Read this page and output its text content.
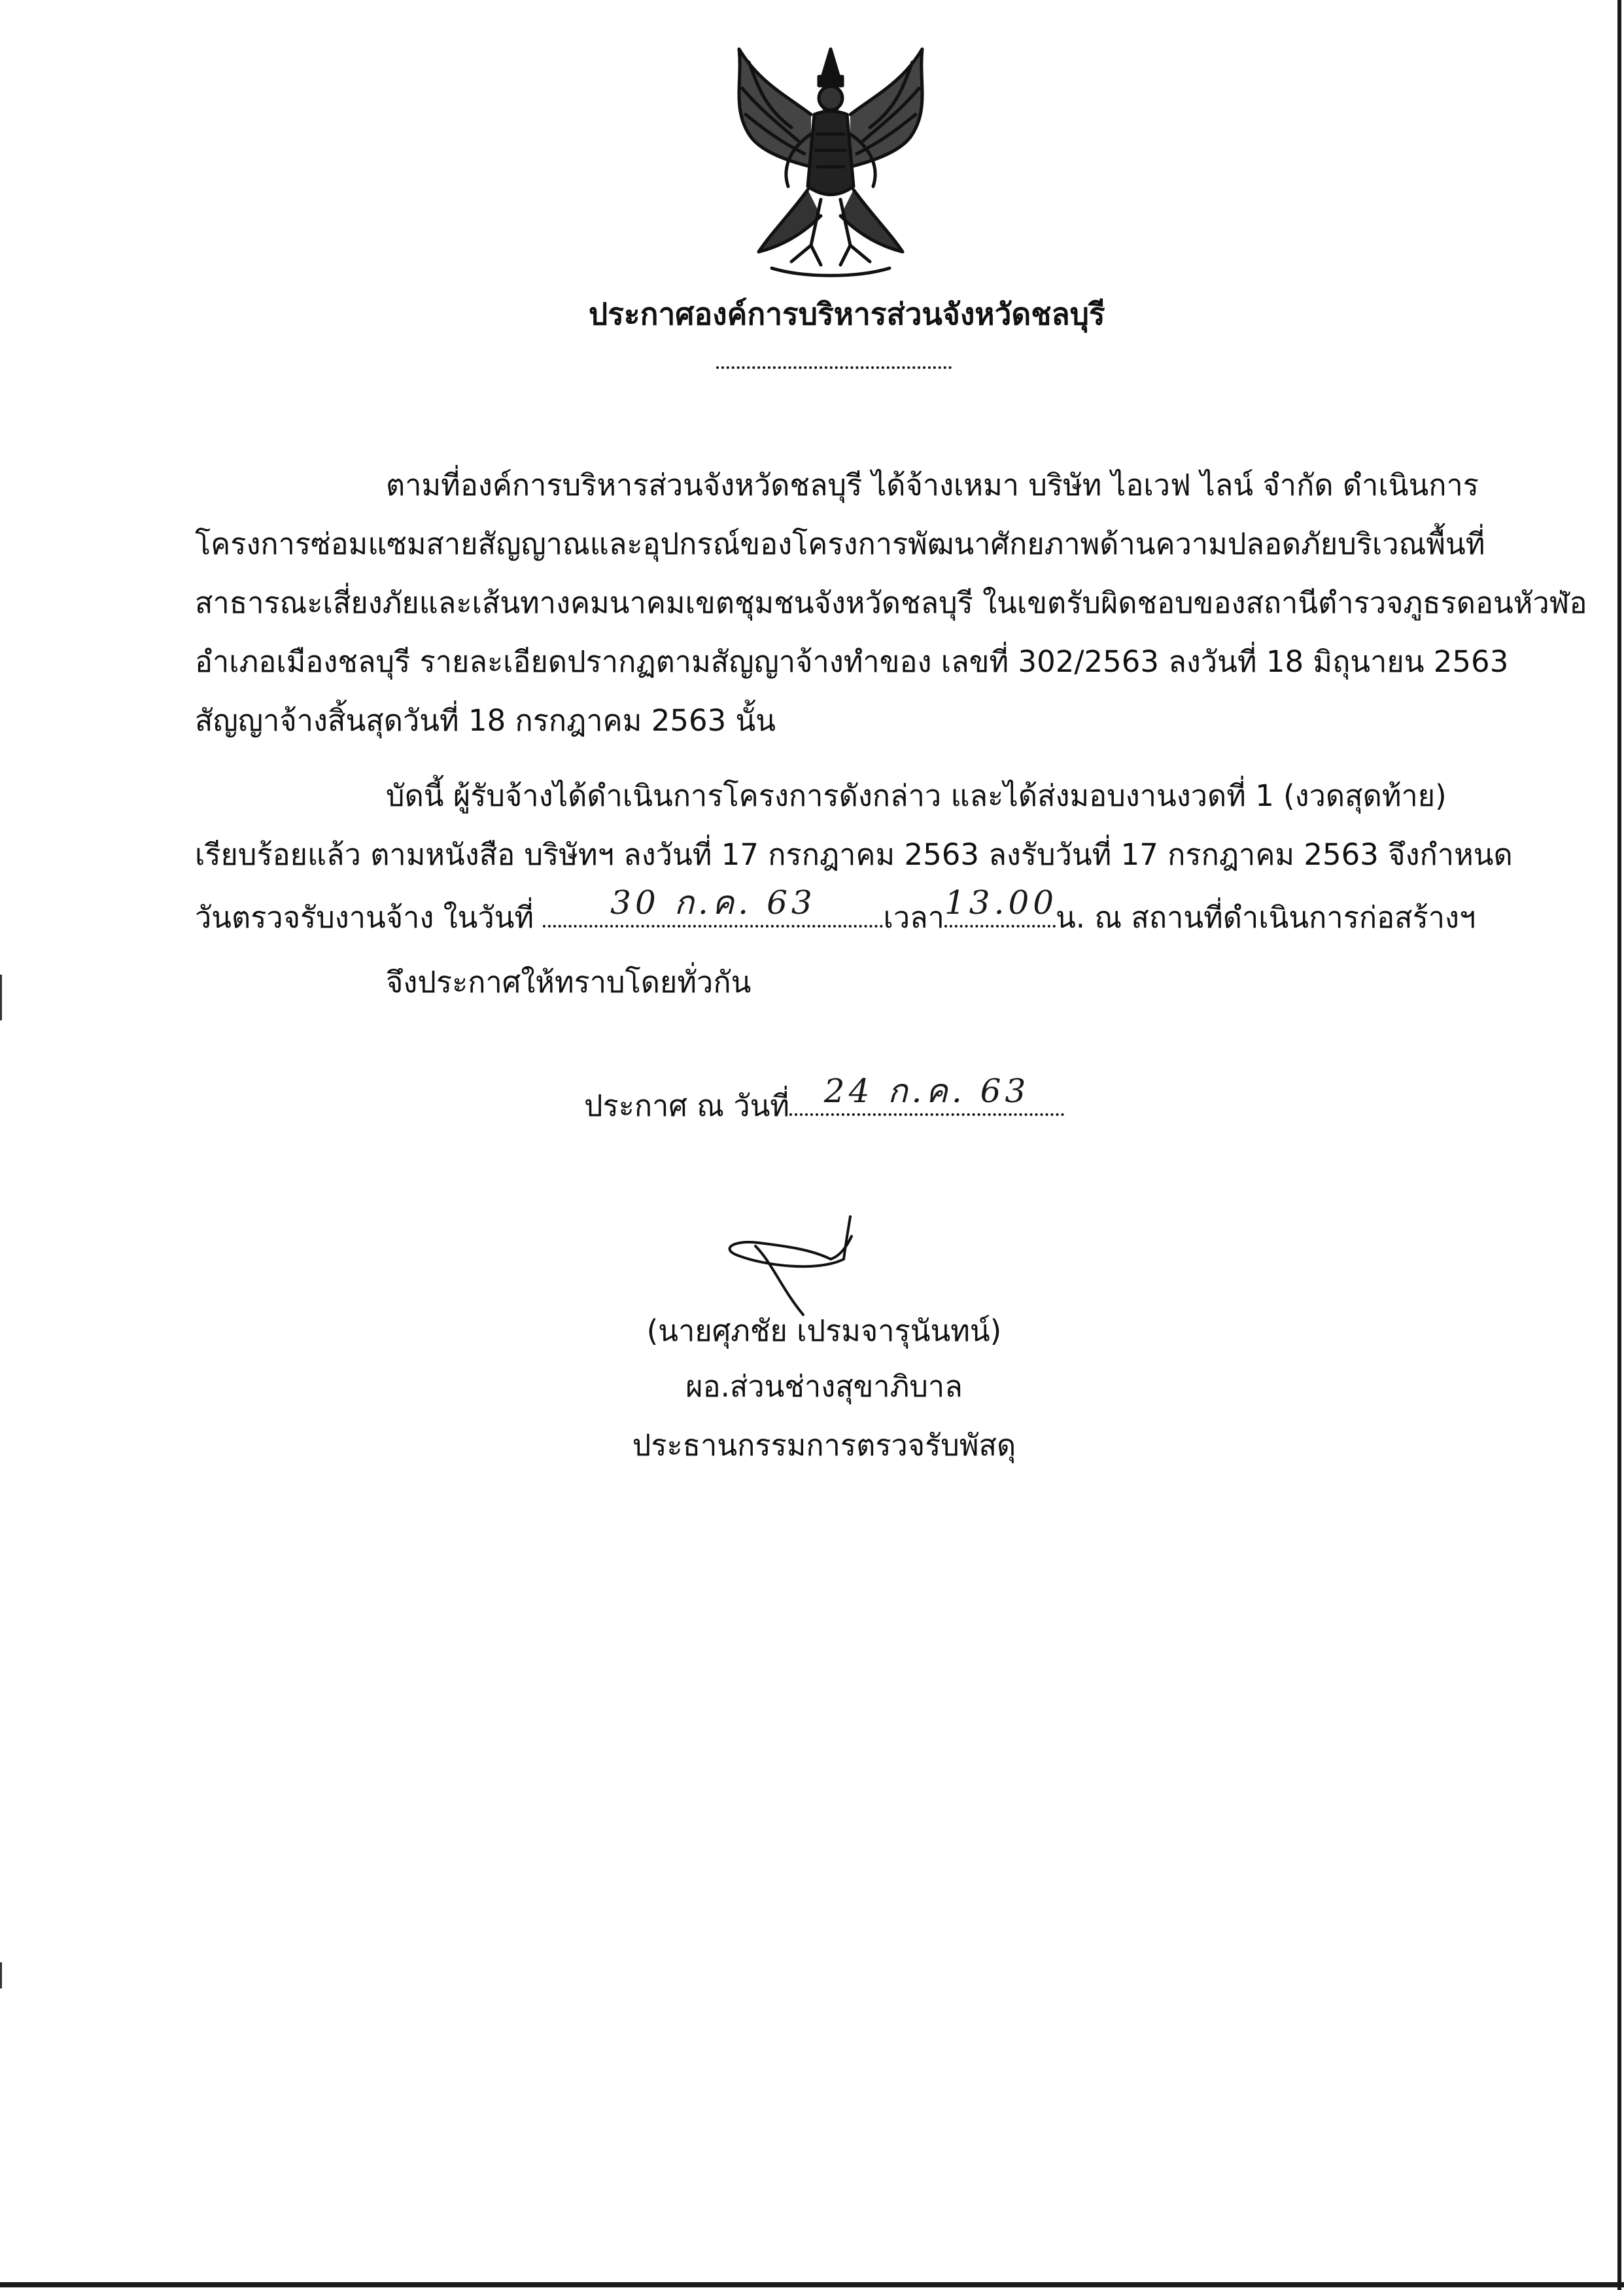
ประกาศองค์การบริหารส่วนจังหวัดชลบุรี
ตามที่องค์การบริหารส่วนจังหวัดชลบุรี ได้จ้างเหมา บริษัท ไอเวฟ ไลน์ จำกัด ดำเนินการ
โครงการซ่อมแซมสายสัญญาณและอุปกรณ์ของโครงการพัฒนาศักยภาพด้านความปลอดภัยบริเวณพื้นที่
สาธารณะเสี่ยงภัยและเส้นทางคมนาคมเขตชุมชนจังหวัดชลบุรี ในเขตรับผิดชอบของสถานีตำรวจภูธรดอนหัวฬ่อ
อำเภอเมืองชลบุรี รายละเอียดปรากฏตามสัญญาจ้างทำของ เลขที่ 302/2563 ลงวันที่ 18 มิถุนายน 2563
สัญญาจ้างสิ้นสุดวันที่ 18 กรกฎาคม 2563 นั้น
บัดนี้ ผู้รับจ้างได้ดำเนินการโครงการดังกล่าว และได้ส่งมอบงานงวดที่ 1 (งวดสุดท้าย)
เรียบร้อยแล้ว ตามหนังสือ บริษัทฯ ลงวันที่ 17 กรกฎาคม 2563 ลงรับวันที่ 17 กรกฎาคม 2563 จึงกำหนด
วันตรวจรับงานจ้าง ในวันที่	30 ก.ค. 63	เวลา 13.00
น. ณ สถานที่ดำเนินการก่อสร้างฯ
จึงประกาศให้ทราบโดยทั่วกัน
ประกาศ ณ วันที่	24 ก.ค. 63
(นายศุภชัย เปรมจารุนันทน์)
ผอ.ส่วนช่างสุขาภิบาล
ประธานกรรมการตรวจรับพัสดุ
